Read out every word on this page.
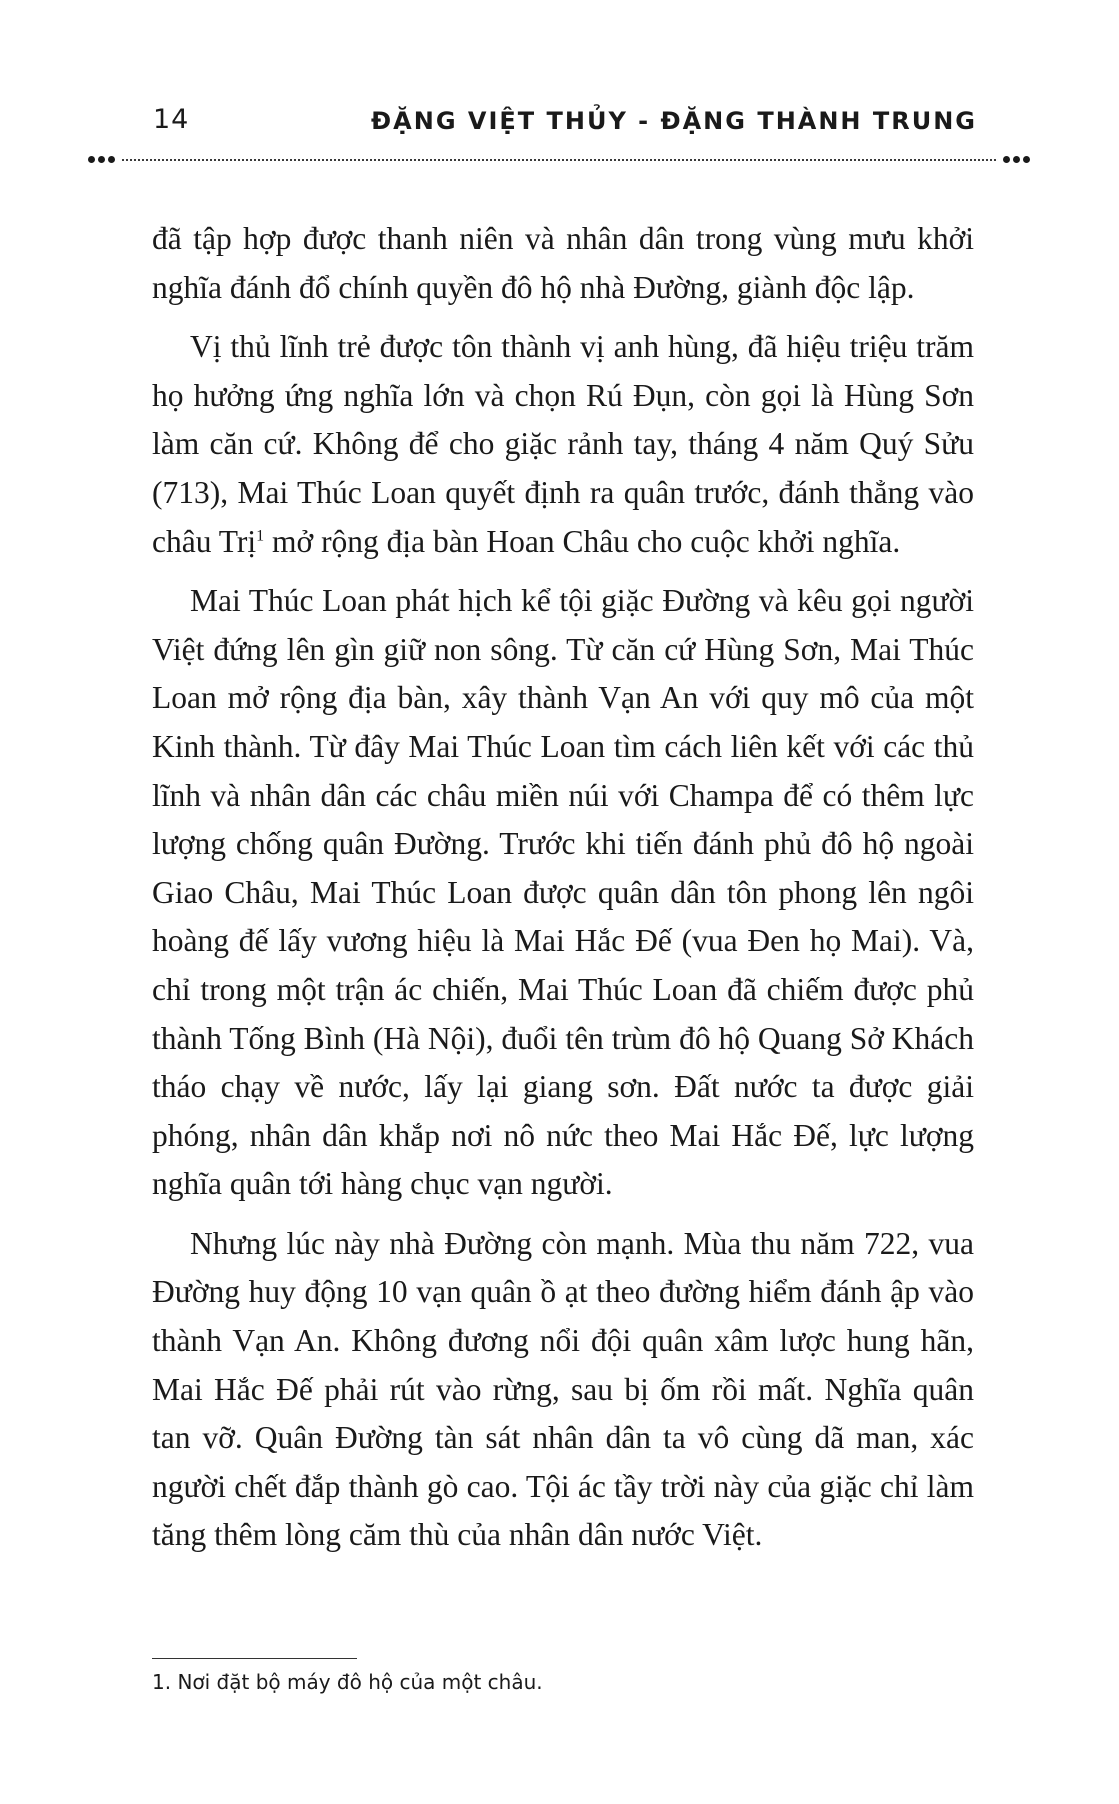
14	ĐẶNG VIỆT THỦY - ĐẶNG THÀNH TRUNG

đã tập hợp được thanh niên và nhân dân trong vùng mưu khởi nghĩa đánh đổ chính quyền đô hộ nhà Đường, giành độc lập.

Vị thủ lĩnh trẻ được tôn thành vị anh hùng, đã hiệu triệu trăm họ hưởng ứng nghĩa lớn và chọn Rú Đụn, còn gọi là Hùng Sơn làm căn cứ. Không để cho giặc rảnh tay, tháng 4 năm Quý Sửu (713), Mai Thúc Loan quyết định ra quân trước, đánh thẳng vào châu Trị$^1$ mở rộng địa bàn Hoan Châu cho cuộc khởi nghĩa.

Mai Thúc Loan phát hịch kể tội giặc Đường và kêu gọi người Việt đứng lên gìn giữ non sông. Từ căn cứ Hùng Sơn, Mai Thúc Loan mở rộng địa bàn, xây thành Vạn An với quy mô của một Kinh thành. Từ đây Mai Thúc Loan tìm cách liên kết với các thủ lĩnh và nhân dân các châu miền núi với Champa để có thêm lực lượng chống quân Đường. Trước khi tiến đánh phủ đô hộ ngoài Giao Châu, Mai Thúc Loan được quân dân tôn phong lên ngôi hoàng đế lấy vương hiệu là Mai Hắc Đế (vua Đen họ Mai). Và, chỉ trong một trận ác chiến, Mai Thúc Loan đã chiếm được phủ thành Tống Bình (Hà Nội), đuổi tên trùm đô hộ Quang Sở Khách tháo chạy về nước, lấy lại giang sơn. Đất nước ta được giải phóng, nhân dân khắp nơi nô nức theo Mai Hắc Đế, lực lượng nghĩa quân tới hàng chục vạn người.

Nhưng lúc này nhà Đường còn mạnh. Mùa thu năm 722, vua Đường huy động 10 vạn quân ồ ạt theo đường hiểm đánh ập vào thành Vạn An. Không đương nổi đội quân xâm lược hung hãn, Mai Hắc Đế phải rút vào rừng, sau bị ốm rồi mất. Nghĩa quân tan vỡ. Quân Đường tàn sát nhân dân ta vô cùng dã man, xác người chết đắp thành gò cao. Tội ác tầy trời này của giặc chỉ làm tăng thêm lòng căm thù của nhân dân nước Việt.

1. Nơi đặt bộ máy đô hộ của một châu.
